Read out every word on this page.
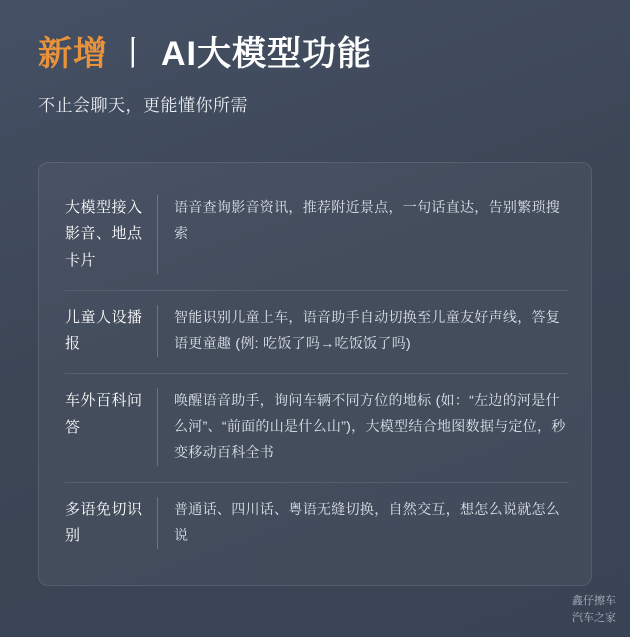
新增 丨 AI大模型功能
不止会聊天，更能懂你所需
大模型接入影音、地点卡片
语音查询影音资讯，推荐附近景点，一句话直达，告别繁琐搜索
儿童人设播报
智能识别儿童上车，语音助手自动切换至儿童友好声线，答复语更童趣 (例: 吃饭了吗→吃饭饭了吗)
车外百科问答
唤醒语音助手，询问车辆不同方位的地标 (如：“左边的河是什么河”、“前面的山是什么山”)，大模型结合地图数据与定位，秒变移动百科全书
多语免切识别
普通话、四川话、粤语无缝切换，自然交互，想怎么说就怎么说
鑫仔擦车
汽车之家
